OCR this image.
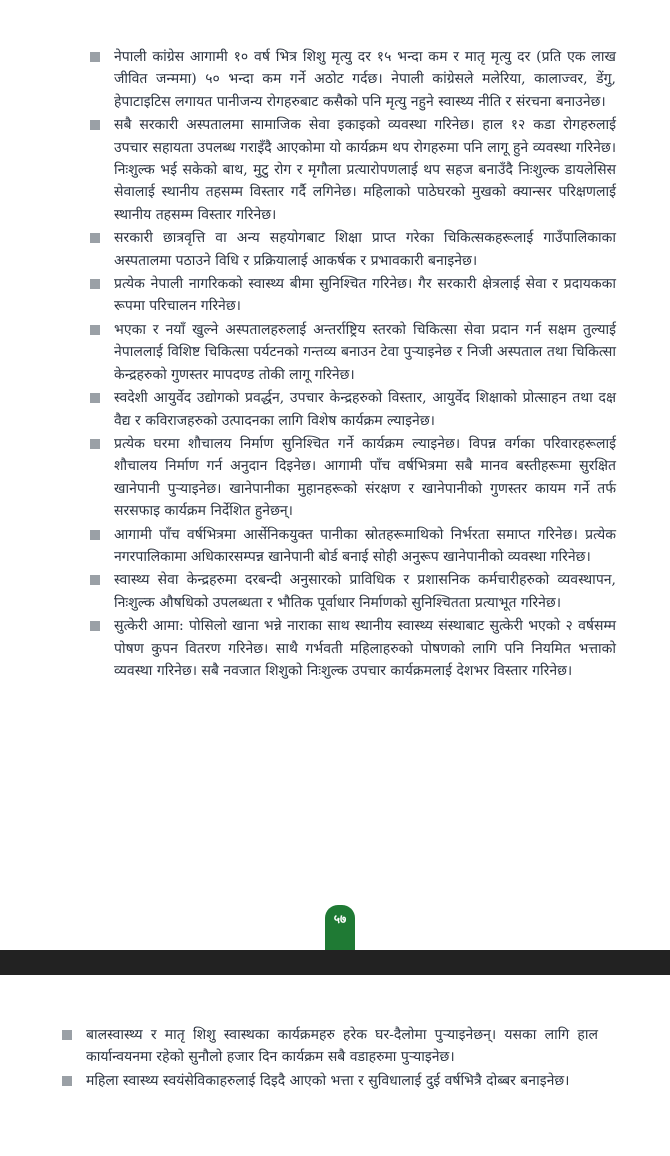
नेपाली कांग्रेस आगामी १० वर्ष भित्र शिशु मृत्यु दर १५ भन्दा कम र मातृ मृत्यु दर (प्रति एक लाख जीवित जन्ममा) ५० भन्दा कम गर्ने अठोट गर्दछ। नेपाली कांग्रेसले मलेरिया, कालाज्वर, डेंगु, हेपाटाइटिस लगायत पानीजन्य रोगहरुबाट कसैको पनि मृत्यु नहुने स्वास्थ्य नीति र संरचना बनाउनेछ।
सबै सरकारी अस्पतालमा सामाजिक सेवा इकाइको व्यवस्था गरिनेछ। हाल १२ कडा रोगहरुलाई उपचार सहायता उपलब्ध गराइँदै आएकोमा यो कार्यक्रम थप रोगहरुमा पनि लागू हुने व्यवस्था गरिनेछ। निःशुल्क भई सकेको बाथ, मुटु रोग र मृगौला प्रत्यारोपणलाई थप सहज बनाउँदै निःशुल्क डायलेसिस सेवालाई स्थानीय तहसम्म विस्तार गर्दै लगिनेछ। महिलाको पाठेघरको मुखको क्यान्सर परिक्षणलाई स्थानीय तहसम्म विस्तार गरिनेछ।
सरकारी छात्रवृत्ति वा अन्य सहयोगबाट शिक्षा प्राप्त गरेका चिकित्सकहरूलाई गाउँपालिकाका अस्पतालमा पठाउने विधि र प्रक्रियालाई आकर्षक र प्रभावकारी बनाइनेछ।
प्रत्येक नेपाली नागरिकको स्वास्थ्य बीमा सुनिश्चित गरिनेछ। गैर सरकारी क्षेत्रलाई सेवा र प्रदायकका रूपमा परिचालन गरिनेछ।
भएका र नयाँ खुल्ने अस्पतालहरुलाई अन्तर्राष्ट्रिय स्तरको चिकित्सा सेवा प्रदान गर्न सक्षम तुल्याई नेपाललाई विशिष्ट चिकित्सा पर्यटनको गन्तव्य बनाउन टेवा पुऱ्याइनेछ र निजी अस्पताल तथा चिकित्सा केन्द्रहरुको गुणस्तर मापदण्ड तोकी लागू गरिनेछ।
स्वदेशी आयुर्वेद उद्योगको प्रवर्द्धन, उपचार केन्द्रहरुको विस्तार, आयुर्वेद शिक्षाको प्रोत्साहन तथा दक्ष वैद्य र कविराजहरुको उत्पादनका लागि विशेष कार्यक्रम ल्याइनेछ।
प्रत्येक घरमा शौचालय निर्माण सुनिश्चित गर्ने कार्यक्रम ल्याइनेछ। विपन्न वर्गका परिवारहरूलाई शौचालय निर्माण गर्न अनुदान दिइनेछ। आगामी पाँच वर्षभित्रमा सबै मानव बस्तीहरूमा सुरक्षित खानेपानी पुऱ्याइनेछ। खानेपानीका मुहानहरूको संरक्षण र खानेपानीको गुणस्तर कायम गर्ने तर्फ सरसफाइ कार्यक्रम निर्देशित हुनेछन्।
आगामी पाँच वर्षभित्रमा आर्सेनिकयुक्त पानीका स्रोतहरूमाथिको निर्भरता समाप्त गरिनेछ। प्रत्येक नगरपालिकामा अधिकारसम्पन्न खानेपानी बोर्ड बनाई सोही अनुरूप खानेपानीको व्यवस्था गरिनेछ।
स्वास्थ्य सेवा केन्द्रहरुमा दरबन्दी अनुसारको प्राविधिक र प्रशासनिक कर्मचारीहरुको व्यवस्थापन, निःशुल्क औषधिको उपलब्धता र भौतिक पूर्वाधार निर्माणको सुनिश्चितता प्रत्याभूत गरिनेछ।
सुत्केरी आमा: पोसिलो खाना भन्ने नाराका साथ स्थानीय स्वास्थ्य संस्थाबाट सुत्केरी भएको २ वर्षसम्म पोषण कुपन वितरण गरिनेछ। साथै गर्भवती महिलाहरुको पोषणको लागि पनि नियमित भत्ताको व्यवस्था गरिनेछ। सबै नवजात शिशुको निःशुल्क उपचार कार्यक्रमलाई देशभर विस्तार गरिनेछ।
५७
बालस्वास्थ्य र मातृ शिशु स्वास्थका कार्यक्रमहरु हरेक घर-दैलोमा पुऱ्याइनेछन्। यसका लागि हाल कार्यान्वयनमा रहेको सुनौलो हजार दिन कार्यक्रम सबै वडाहरुमा पुऱ्याइनेछ।
महिला स्वास्थ्य स्वयंसेविकाहरुलाई दिइदै आएको भत्ता र सुविधालाई दुई वर्षभित्रै दोब्बर बनाइनेछ।
